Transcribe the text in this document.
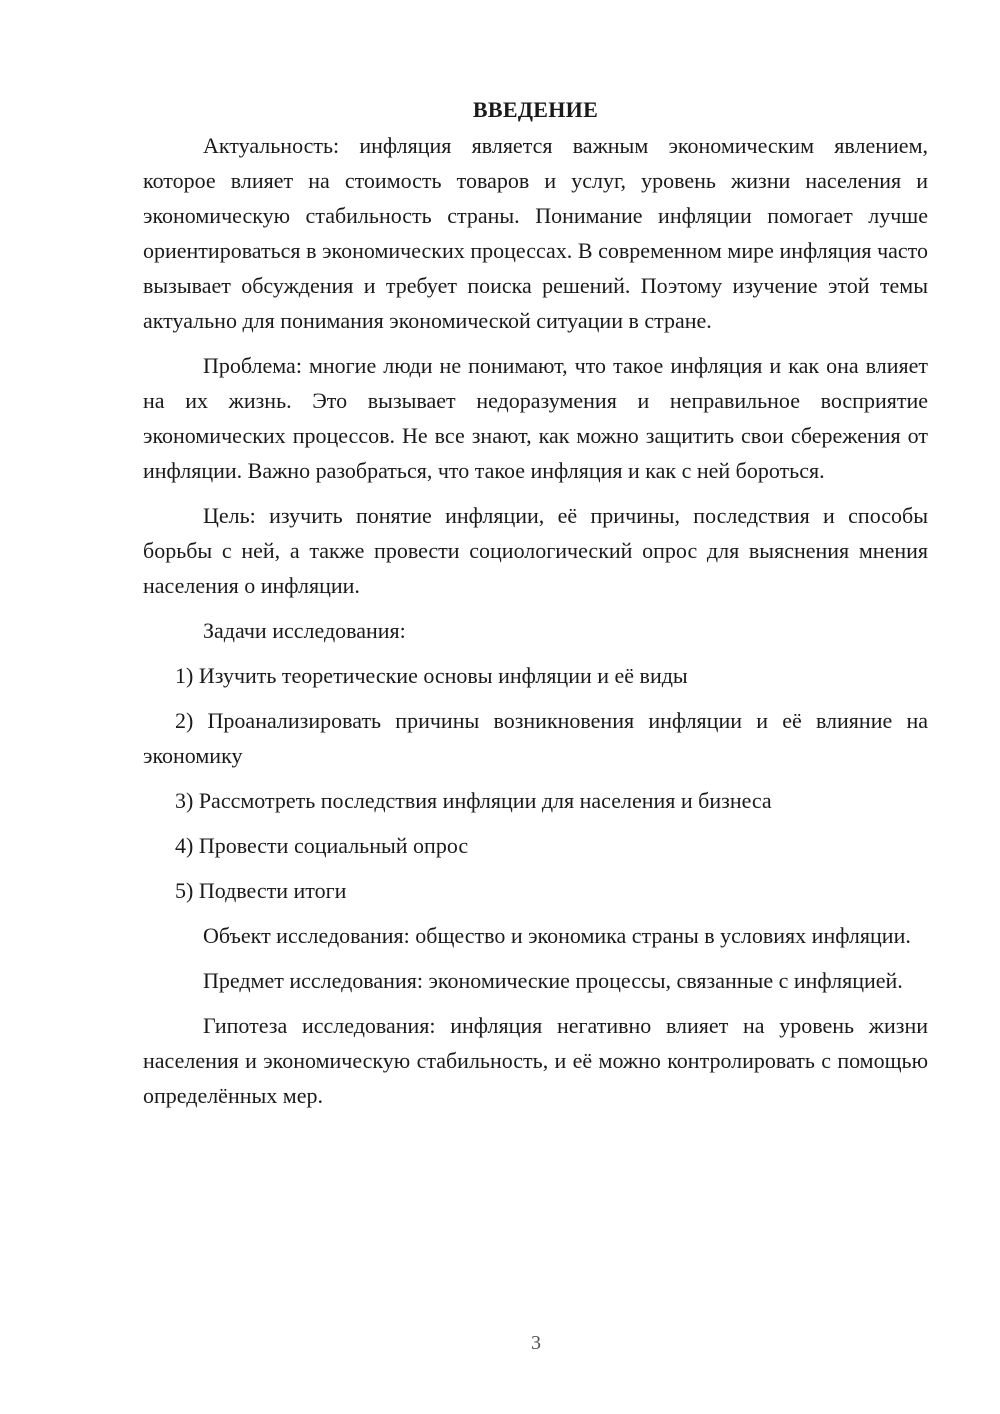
ВВЕДЕНИЕ

Актуальность: инфляция является важным экономическим явлением, которое влияет на стоимость товаров и услуг, уровень жизни населения и экономическую стабильность страны. Понимание инфляции помогает лучше ориентироваться в экономических процессах. В современном мире инфляция часто вызывает обсуждения и требует поиска решений. Поэтому изучение этой темы актуально для понимания экономической ситуации в стране.

Проблема: многие люди не понимают, что такое инфляция и как она влияет на их жизнь. Это вызывает недоразумения и неправильное восприятие экономических процессов. Не все знают, как можно защитить свои сбережения от инфляции. Важно разобраться, что такое инфляция и как с ней бороться.

Цель: изучить понятие инфляции, её причины, последствия и способы борьбы с ней, а также провести социологический опрос для выяснения мнения населения о инфляции.

Задачи исследования:

1) Изучить теоретические основы инфляции и её виды

2) Проанализировать причины возникновения инфляции и её влияние на экономику

3) Рассмотреть последствия инфляции для населения и бизнеса

4) Провести социальный опрос

5) Подвести итоги

Объект исследования: общество и экономика страны в условиях инфляции.

Предмет исследования: экономические процессы, связанные с инфляцией.

Гипотеза исследования: инфляция негативно влияет на уровень жизни населения и экономическую стабильность, и её можно контролировать с помощью определённых мер.

3
